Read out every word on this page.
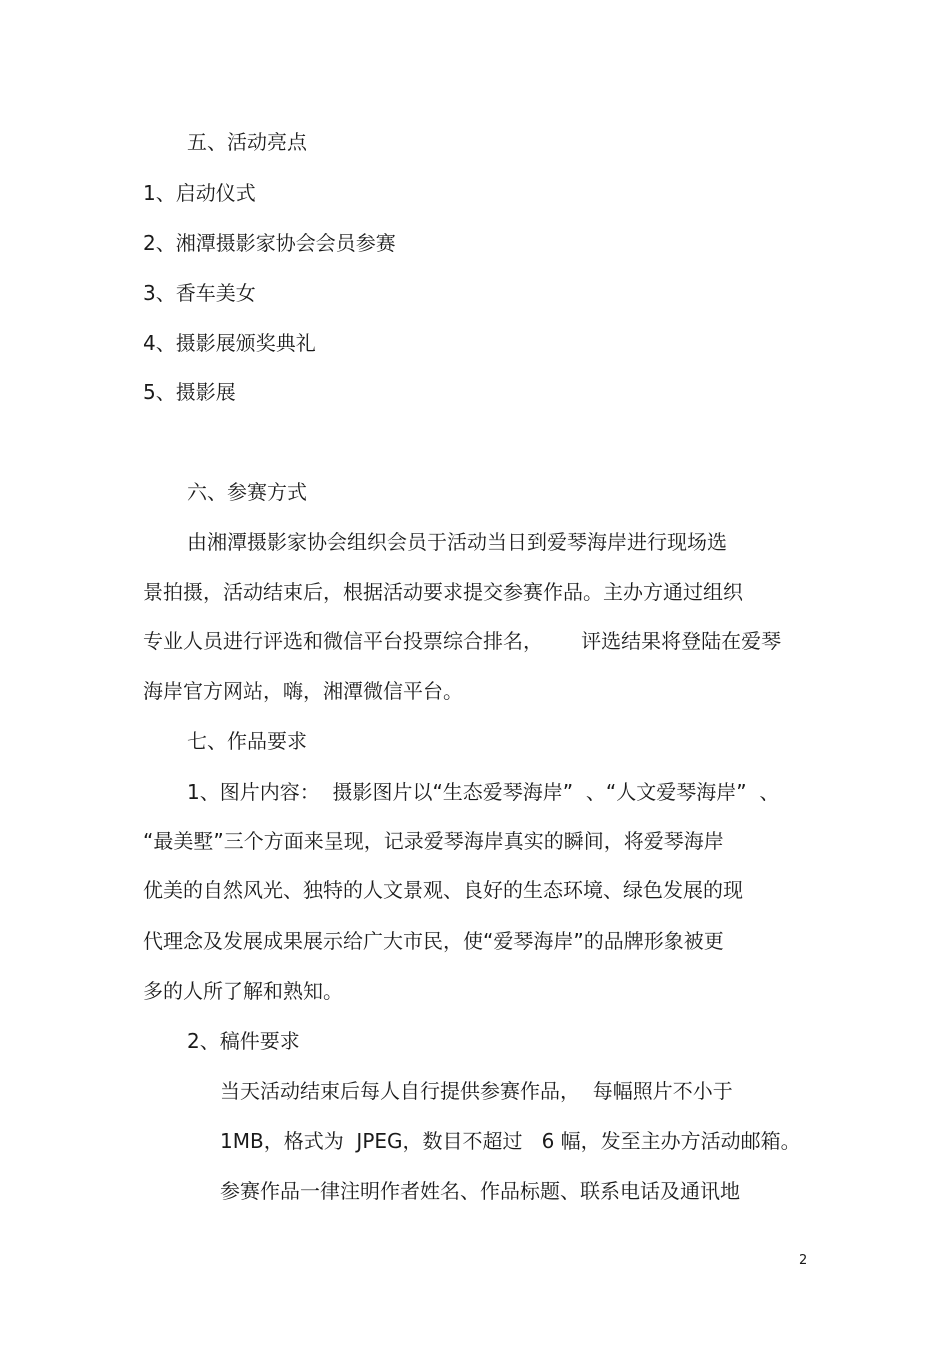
五、活动亮点

1、启动仪式

2、湘潭摄影家协会会员参赛

3、香车美女

4、摄影展颁奖典礼

5、摄影展

六、参赛方式

由湘潭摄影家协会组织会员于活动当日到爱琴海岸进行现场选

景拍摄，活动结束后，根据活动要求提交参赛作品。主办方通过组织

专业人员进行评选和微信平台投票综合排名，      评选结果将登陆在爱琴

海岸官方网站，嗨，湘潭微信平台。

七、作品要求

1、图片内容：  摄影图片以“生态爱琴海岸”  、“人文爱琴海岸”  、

“最美墅”三个方面来呈现，记录爱琴海岸真实的瞬间，将爱琴海岸

优美的自然风光、独特的人文景观、良好的生态环境、绿色发展的现

代理念及发展成果展示给广大市民，使“爱琴海岸”的品牌形象被更

多的人所了解和熟知。

2、稿件要求

当天活动结束后每人自行提供参赛作品，  每幅照片不小于

1MB，格式为  JPEG，数目不超过   6 幅，发至主办方活动邮箱。

参赛作品一律注明作者姓名、作品标题、联系电话及通讯地

2
